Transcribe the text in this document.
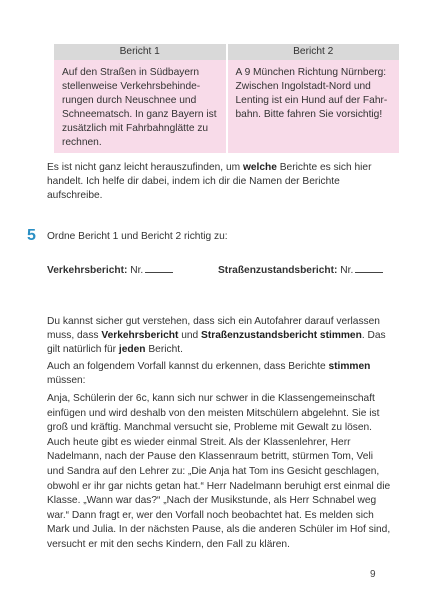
Bericht 1	Bericht 2
Auf den Straßen in Südbayern stellenweise Verkehrsbehinde-rungen durch Neuschnee und Schneematsch. In ganz Bayern ist zusätzlich mit Fahrbahnglätte zu rechnen.	A 9 München Richtung Nürnberg: Zwischen Ingolstadt-Nord und Lenting ist ein Hund auf der Fahr-bahn. Bitte fahren Sie vorsichtig!
Es ist nicht ganz leicht herauszufinden, um welche Berichte es sich hier handelt. Ich helfe dir dabei, indem ich dir die Namen der Berichte aufschreibe.
5 Ordne Bericht 1 und Bericht 2 richtig zu:
Verkehrsbericht: Nr.	Straßenzustandsbericht: Nr.
Du kannst sicher gut verstehen, dass sich ein Autofahrer darauf verlassen muss, dass Verkehrsbericht und Straßenzustandsbericht stimmen. Das gilt natürlich für jeden Bericht.
Auch an folgendem Vorfall kannst du erkennen, dass Berichte stimmen müssen:
Anja, Schülerin der 6c, kann sich nur schwer in die Klassengemeinschaft einfügen und wird deshalb von den meisten Mitschülern abgelehnt. Sie ist groß und kräftig. Manchmal versucht sie, Probleme mit Gewalt zu lösen. Auch heute gibt es wieder einmal Streit. Als der Klassenlehrer, Herr Nadelmann, nach der Pause den Klassenraum betritt, stürmen Tom, Veli und Sandra auf den Lehrer zu: „Die Anja hat Tom ins Gesicht geschlagen, obwohl er ihr gar nichts getan hat.“ Herr Nadelmann beruhigt erst einmal die Klasse. „Wann war das?“ „Nach der Musikstunde, als Herr Schnabel weg war.“ Dann fragt er, wer den Vorfall noch beobachtet hat. Es melden sich Mark und Julia. In der nächsten Pause, als die anderen Schüler im Hof sind, versucht er mit den sechs Kindern, den Fall zu klären.
9
